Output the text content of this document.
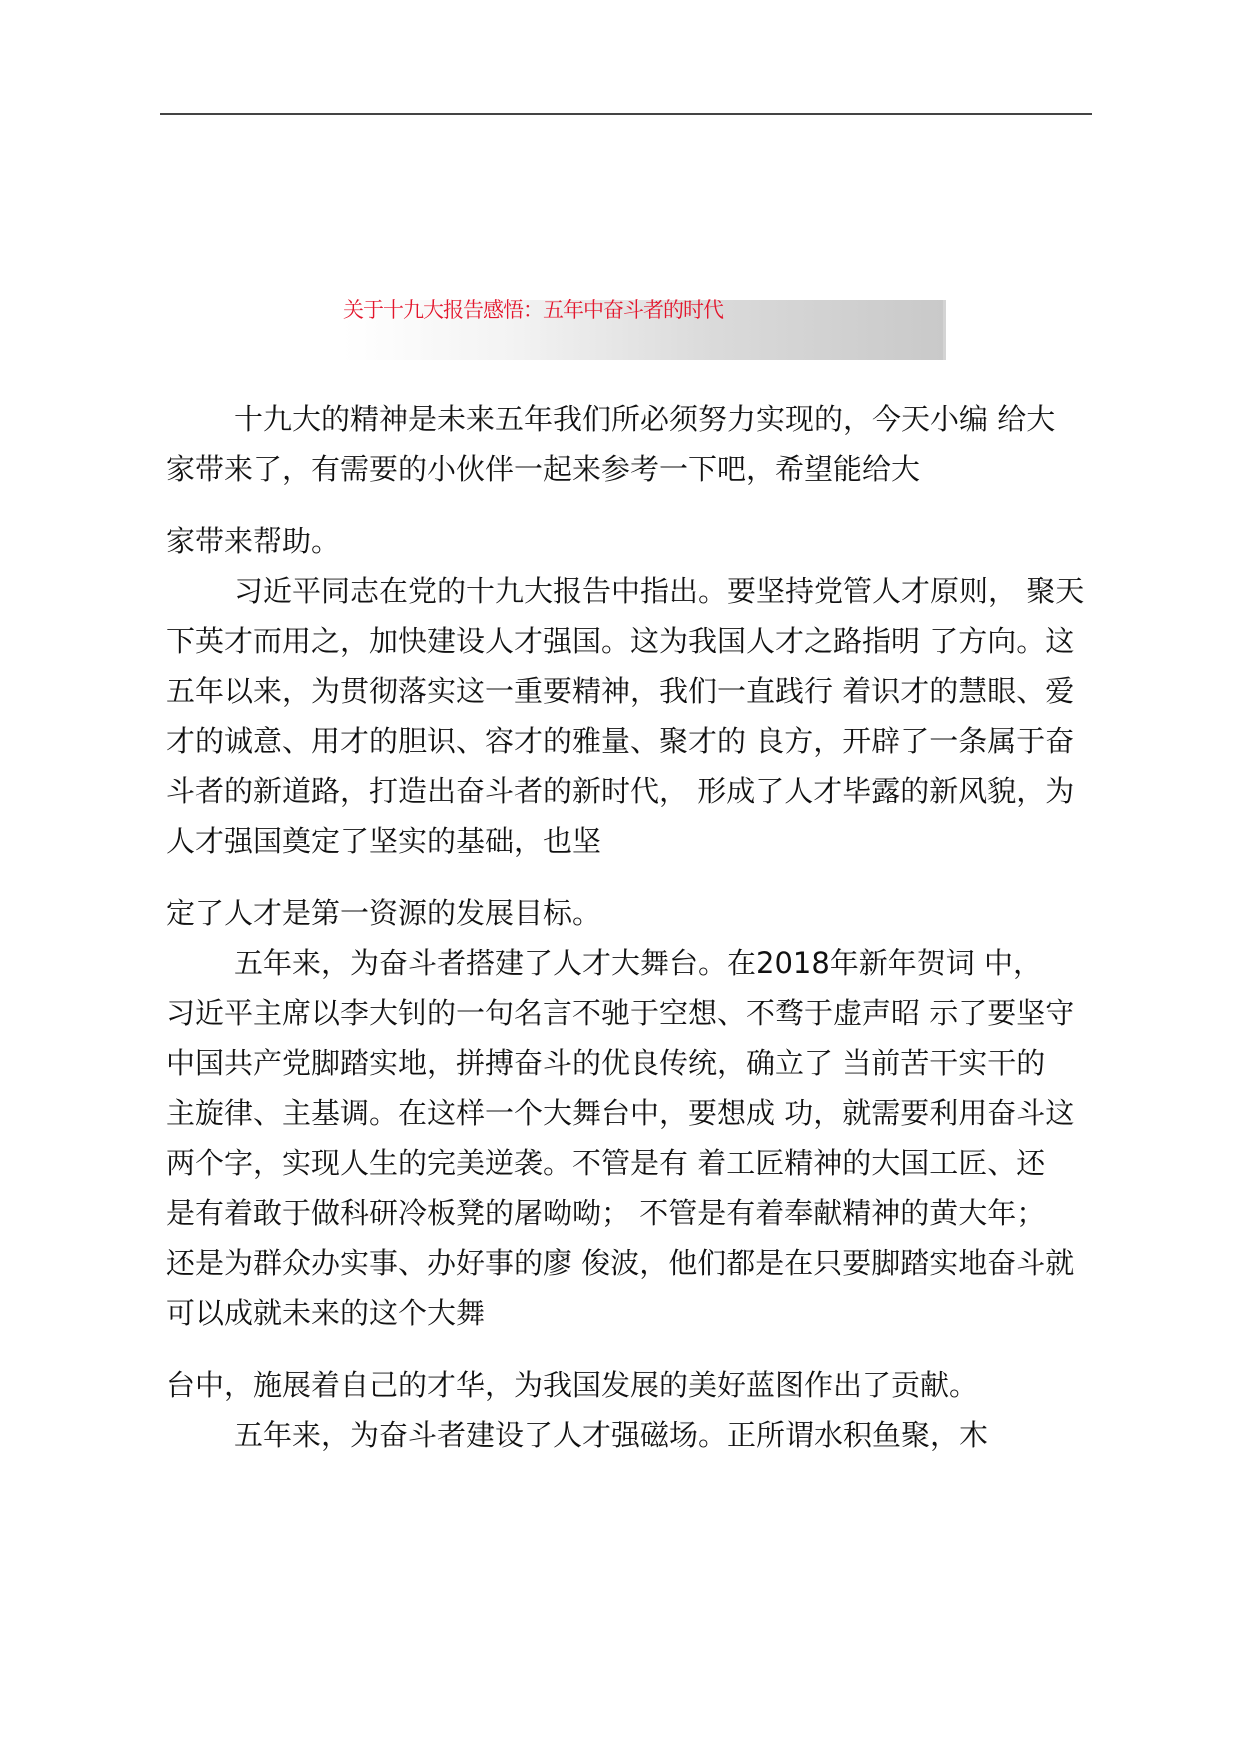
关于十九大报告感悟：五年中奋斗者的时代
十九大的精神是未来五年我们所必须努力实现的，今天小编 给大
家带来了，有需要的小伙伴一起来参考一下吧，希望能给大
家带来帮助。
习近平同志在党的十九大报告中指出。要坚持党管人才原则， 聚天
下英才而用之，加快建设人才强国。这为我国人才之路指明 了方向。这
五年以来，为贯彻落实这一重要精神，我们一直践行 着识才的慧眼、爱
才的诚意、用才的胆识、容才的雅量、聚才的 良方，开辟了一条属于奋
斗者的新道路，打造出奋斗者的新时代， 形成了人才毕露的新风貌，为
人才强国奠定了坚实的基础，也坚
定了人才是第一资源的发展目标。
五年来，为奋斗者搭建了人才大舞台。在2018年新年贺词 中，
习近平主席以李大钊的一句名言不驰于空想、不骛于虚声昭 示了要坚守
中国共产党脚踏实地，拼搏奋斗的优良传统，确立了 当前苦干实干的
主旋律、主基调。在这样一个大舞台中，要想成 功，就需要利用奋斗这
两个字，实现人生的完美逆袭。不管是有 着工匠精神的大国工匠、还
是有着敢于做科研冷板凳的屠呦呦； 不管是有着奉献精神的黄大年；
还是为群众办实事、办好事的廖 俊波，他们都是在只要脚踏实地奋斗就
可以成就未来的这个大舞
台中，施展着自己的才华，为我国发展的美好蓝图作出了贡献。
五年来，为奋斗者建设了人才强磁场。正所谓水积鱼聚，木
